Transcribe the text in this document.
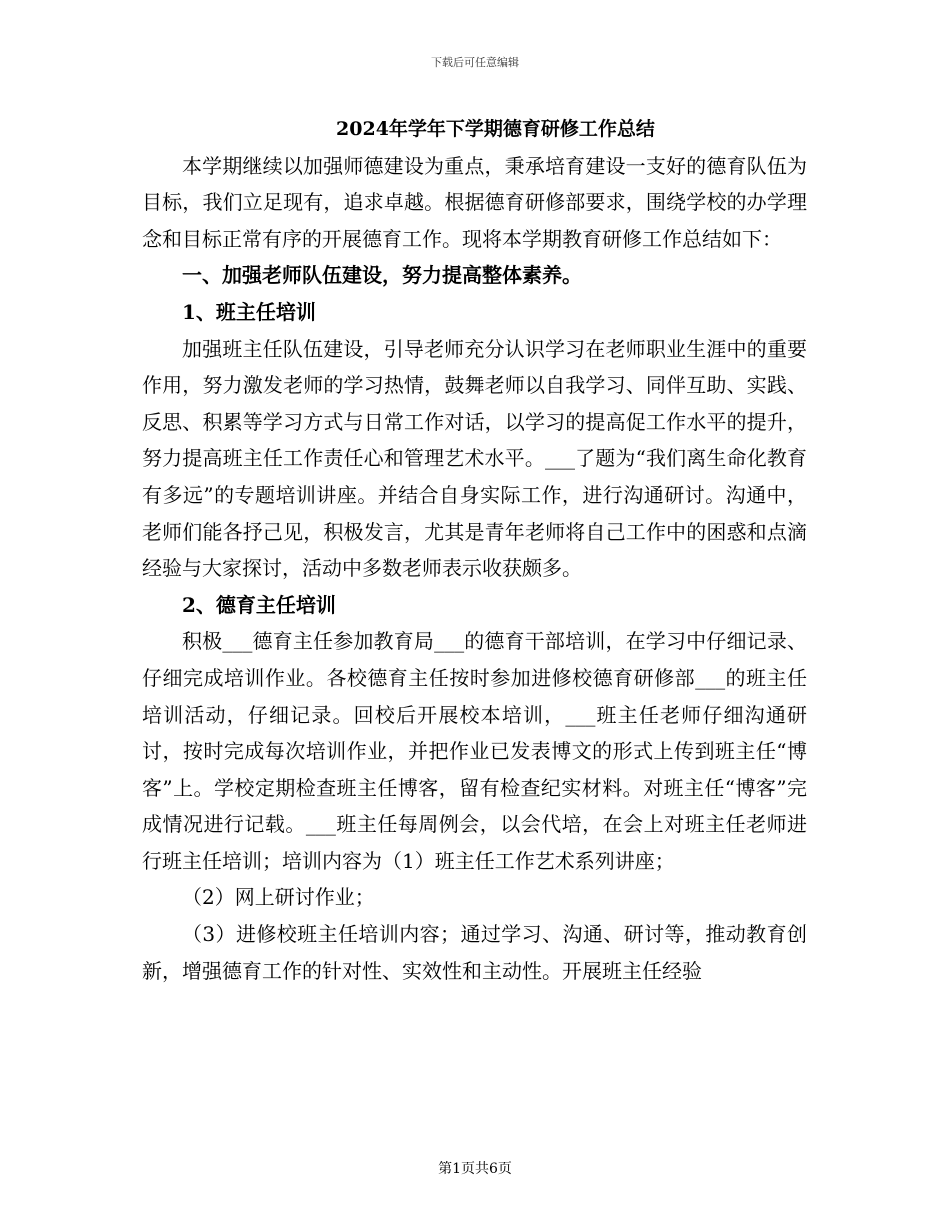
下载后可任意编辑

2024年学年下学期德育研修工作总结

本学期继续以加强师德建设为重点，秉承培育建设一支好的德育队伍为目标，我们立足现有，追求卓越。根据德育研修部要求，围绕学校的办学理念和目标正常有序的开展德育工作。现将本学期教育研修工作总结如下：

一、加强老师队伍建设，努力提高整体素养。

1、班主任培训

加强班主任队伍建设，引导老师充分认识学习在老师职业生涯中的重要作用，努力激发老师的学习热情，鼓舞老师以自我学习、同伴互助、实践、反思、积累等学习方式与日常工作对话，以学习的提高促工作水平的提升，努力提高班主任工作责任心和管理艺术水平。___了题为“我们离生命化教育有多远”的专题培训讲座。并结合自身实际工作，进行沟通研讨。沟通中，老师们能各抒己见，积极发言，尤其是青年老师将自己工作中的困惑和点滴经验与大家探讨，活动中多数老师表示收获颇多。

2、德育主任培训

积极___德育主任参加教育局___的德育干部培训，在学习中仔细记录、仔细完成培训作业。各校德育主任按时参加进修校德育研修部___的班主任培训活动，仔细记录。回校后开展校本培训，___班主任老师仔细沟通研讨，按时完成每次培训作业，并把作业已发表博文的形式上传到班主任“博客”上。学校定期检查班主任博客，留有检查纪实材料。对班主任“博客”完成情况进行记载。___班主任每周例会，以会代培，在会上对班主任老师进行班主任培训；培训内容为（1）班主任工作艺术系列讲座；

（2）网上研讨作业；

（3）进修校班主任培训内容；通过学习、沟通、研讨等，推动教育创新，增强德育工作的针对性、实效性和主动性。开展班主任经验

第1页共6页
